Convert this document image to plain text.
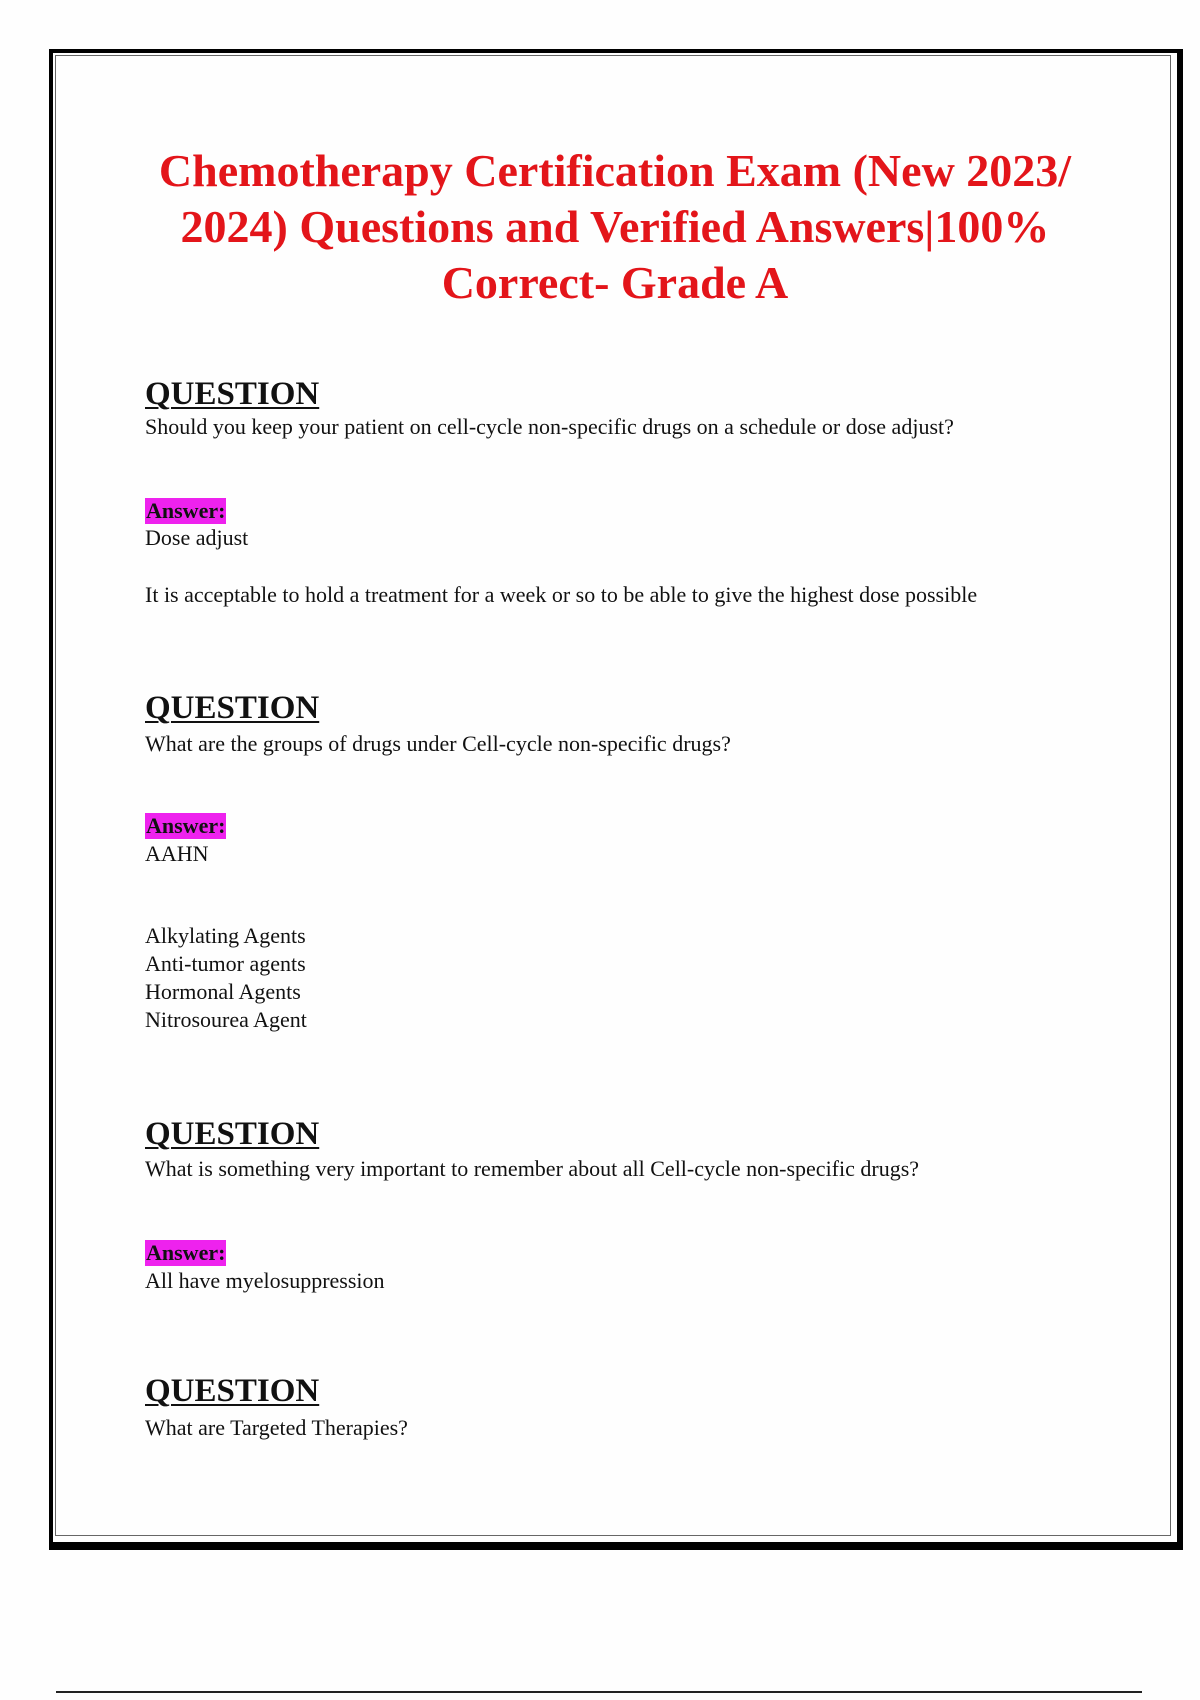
Chemotherapy Certification Exam (New 2023/ 2024) Questions and Verified Answers|100% Correct- Grade A
QUESTION
Should you keep your patient on cell-cycle non-specific drugs on a schedule or dose adjust?
Answer:
Dose adjust
It is acceptable to hold a treatment for a week or so to be able to give the highest dose possible
QUESTION
What are the groups of drugs under Cell-cycle non-specific drugs?
Answer:
AAHN
Alkylating Agents
Anti-tumor agents
Hormonal Agents
Nitrosourea Agent
QUESTION
What is something very important to remember about all Cell-cycle non-specific drugs?
Answer:
All have myelosuppression
QUESTION
What are Targeted Therapies?
